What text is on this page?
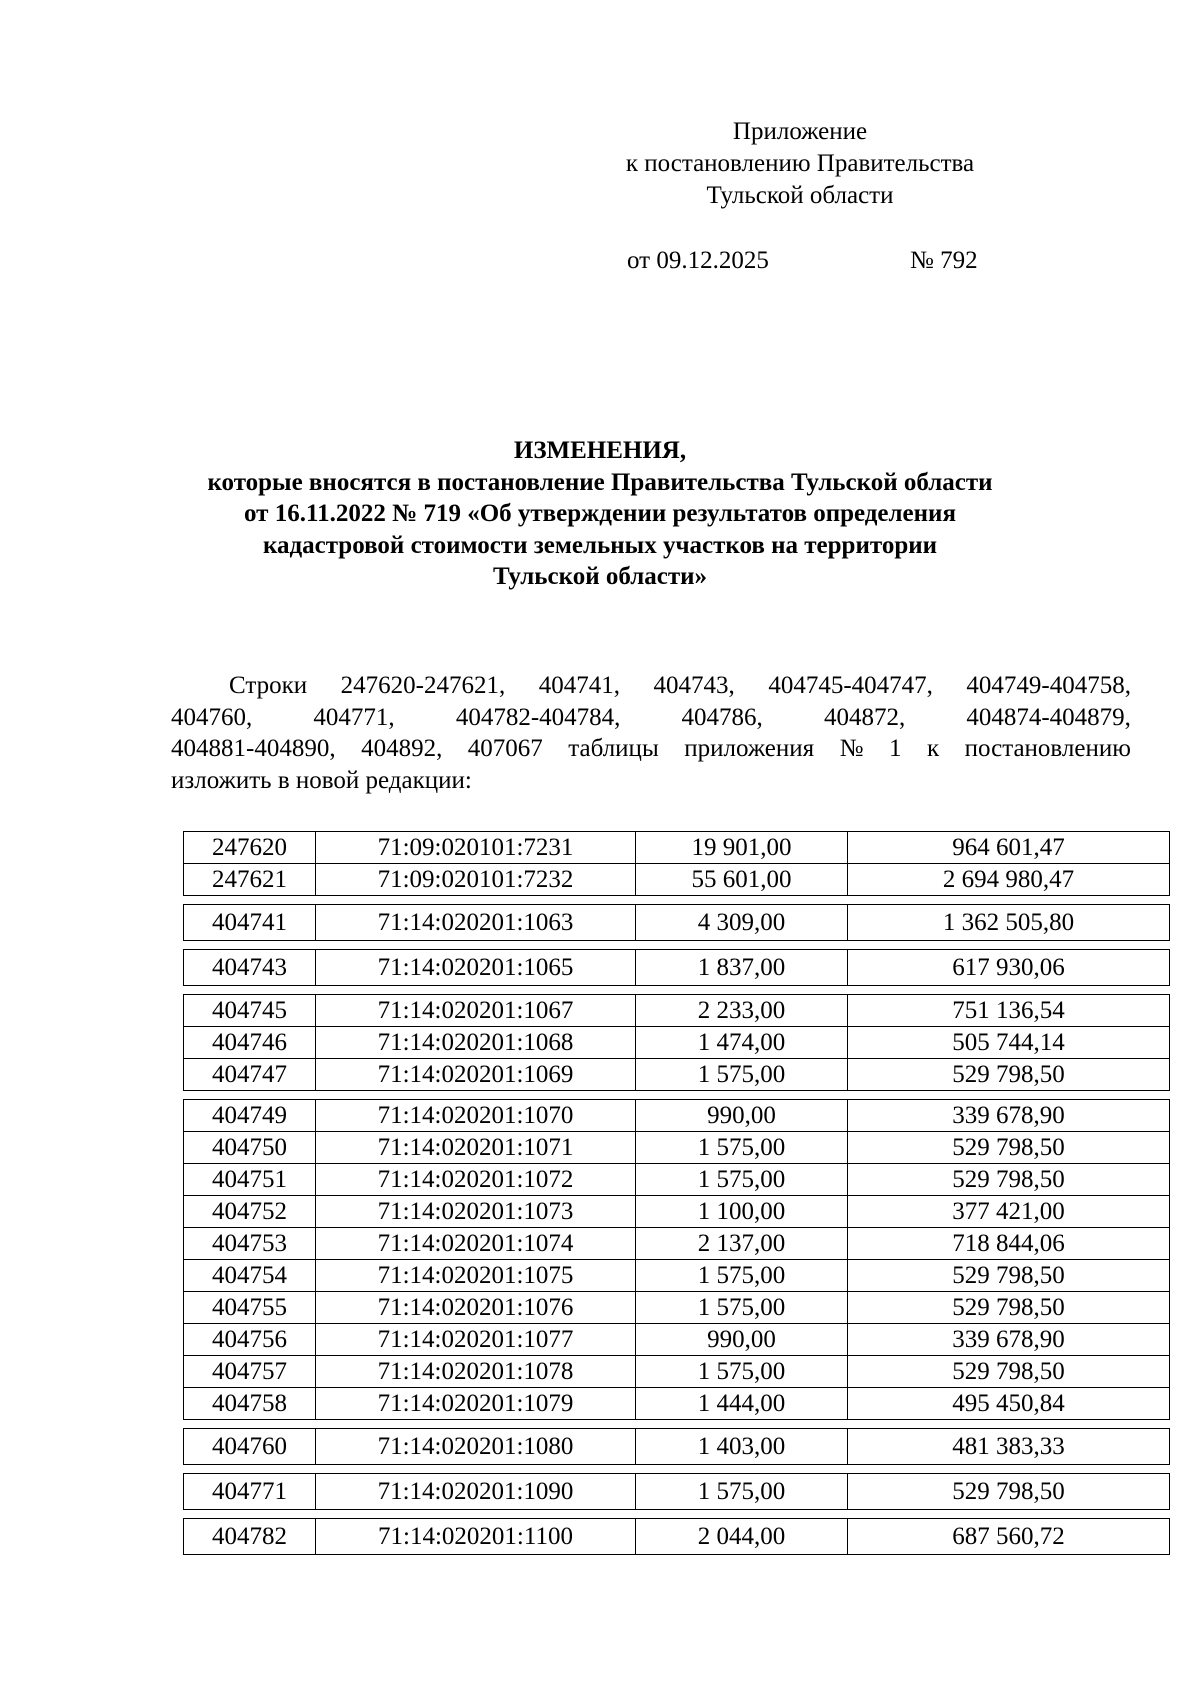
Приложение
к постановлению Правительства
Тульской области
от 09.12.2025	№ 792
ИЗМЕНЕНИЯ,
которые вносятся в постановление Правительства Тульской области
от 16.11.2022 № 719 «Об утверждении результатов определения
кадастровой стоимости земельных участков на территории
Тульской области»
Строки 247620-247621, 404741, 404743, 404745-404747, 404749-404758,
404760, 404771, 404782-404784, 404786, 404872, 404874-404879,
404881-404890, 404892, 407067 таблицы приложения № 1 к постановлению
изложить в новой редакции:
247620	71:09:020101:7231	19 901,00	964 601,47
247621	71:09:020101:7232	55 601,00	2 694 980,47
404741	71:14:020201:1063	4 309,00	1 362 505,80
404743	71:14:020201:1065	1 837,00	617 930,06
404745	71:14:020201:1067	2 233,00	751 136,54
404746	71:14:020201:1068	1 474,00	505 744,14
404747	71:14:020201:1069	1 575,00	529 798,50
404749	71:14:020201:1070	990,00	339 678,90
404750	71:14:020201:1071	1 575,00	529 798,50
404751	71:14:020201:1072	1 575,00	529 798,50
404752	71:14:020201:1073	1 100,00	377 421,00
404753	71:14:020201:1074	2 137,00	718 844,06
404754	71:14:020201:1075	1 575,00	529 798,50
404755	71:14:020201:1076	1 575,00	529 798,50
404756	71:14:020201:1077	990,00	339 678,90
404757	71:14:020201:1078	1 575,00	529 798,50
404758	71:14:020201:1079	1 444,00	495 450,84
404760	71:14:020201:1080	1 403,00	481 383,33
404771	71:14:020201:1090	1 575,00	529 798,50
404782	71:14:020201:1100	2 044,00	687 560,72
